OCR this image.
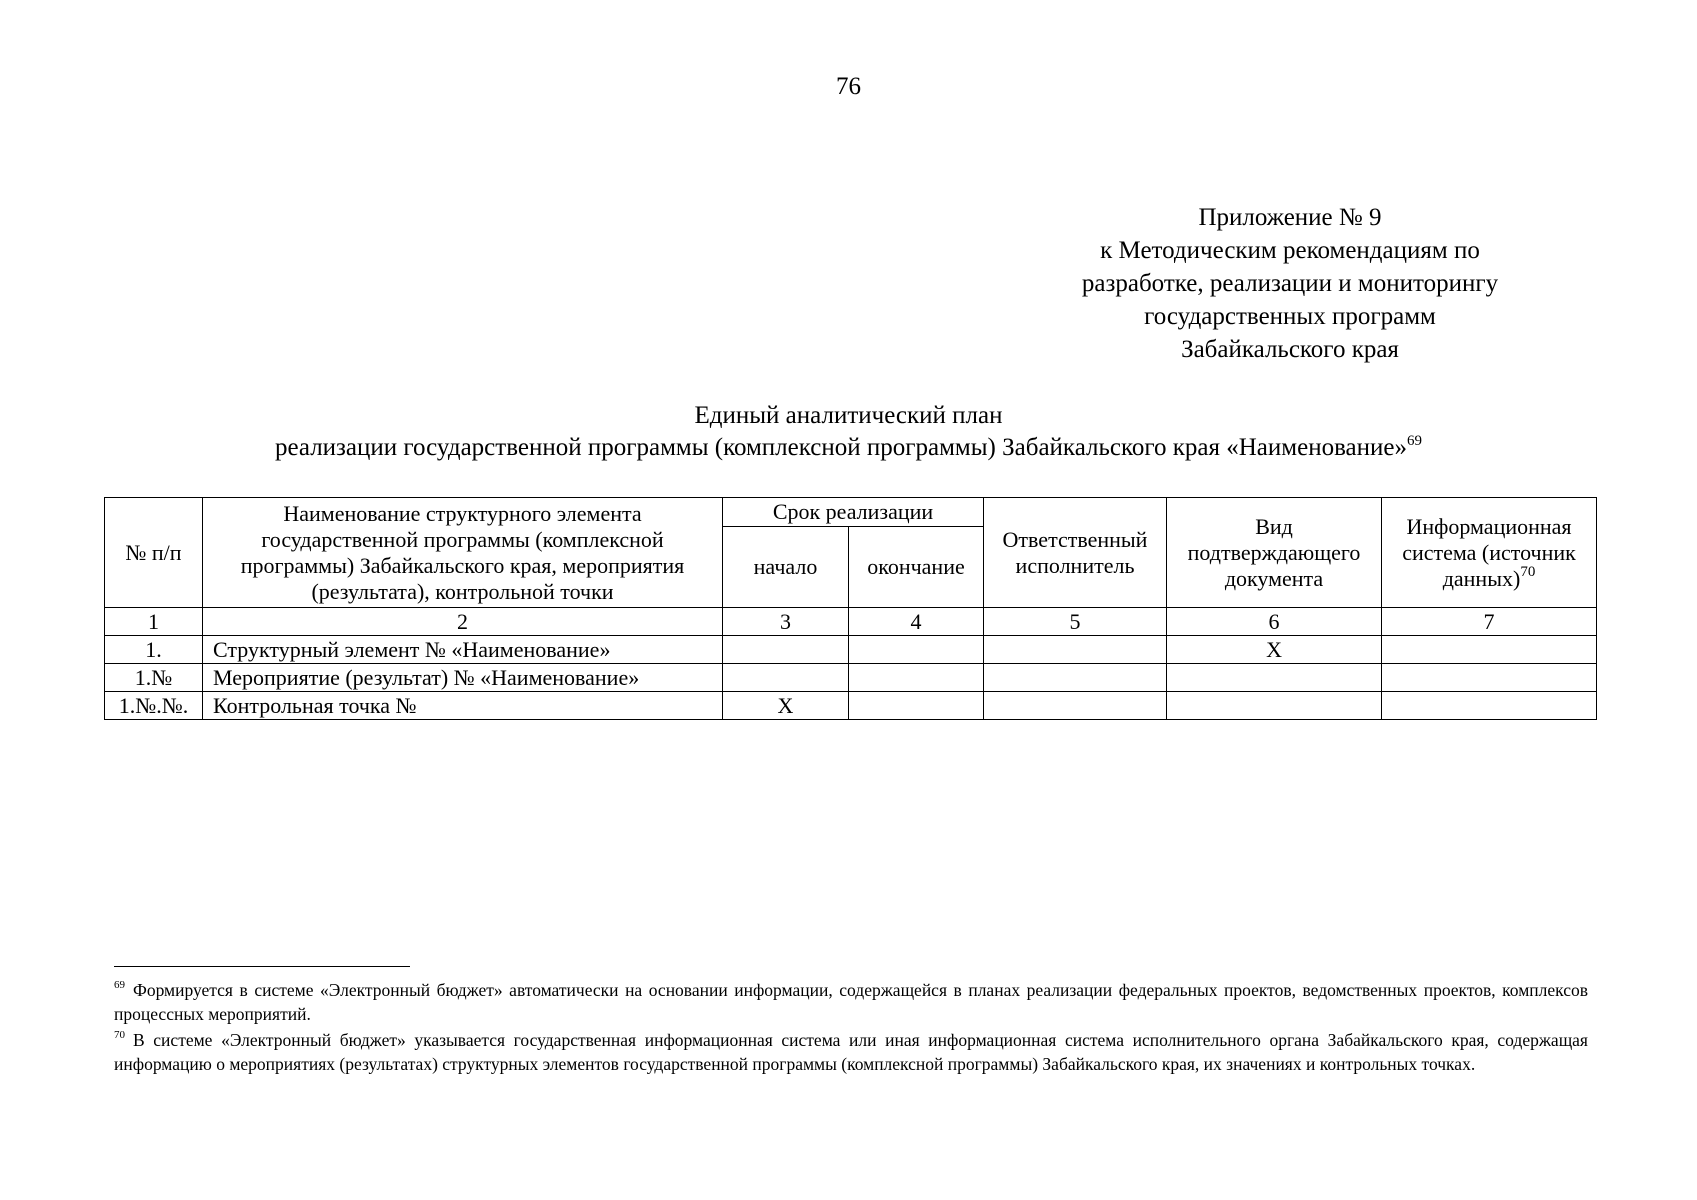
76
Приложение № 9
к Методическим рекомендациям по
разработке, реализации и мониторингу
государственных программ
Забайкальского края
Единый аналитический план
реализации государственной программы (комплексной программы) Забайкальского края «Наименование»$^{69}$
№ п/п	Наименование структурного элемента государственной программы (комплексной программы) Забайкальского края, мероприятия (результата), контрольной точки	Срок реализации		Ответственный исполнитель	Вид подтверждающего документа	Информационная система (источник данных)$^{70}$
		начало	окончание			
1	2	3	4	5	6	7
1.	Структурный элемент № «Наименование»				X	
1.№	Мероприятие (результат) № «Наименование»					
1.№.№.	Контрольная точка №	X				
$^{69}$ Формируется в системе «Электронный бюджет» автоматически на основании информации, содержащейся в планах реализации федеральных проектов, ведомственных проектов, комплексов процессных мероприятий.
$^{70}$ В системе «Электронный бюджет» указывается государственная информационная система или иная информационная система исполнительного органа Забайкальского края, содержащая информацию о мероприятиях (результатах) структурных элементов государственной программы (комплексной программы) Забайкальского края, их значениях и контрольных точках.
